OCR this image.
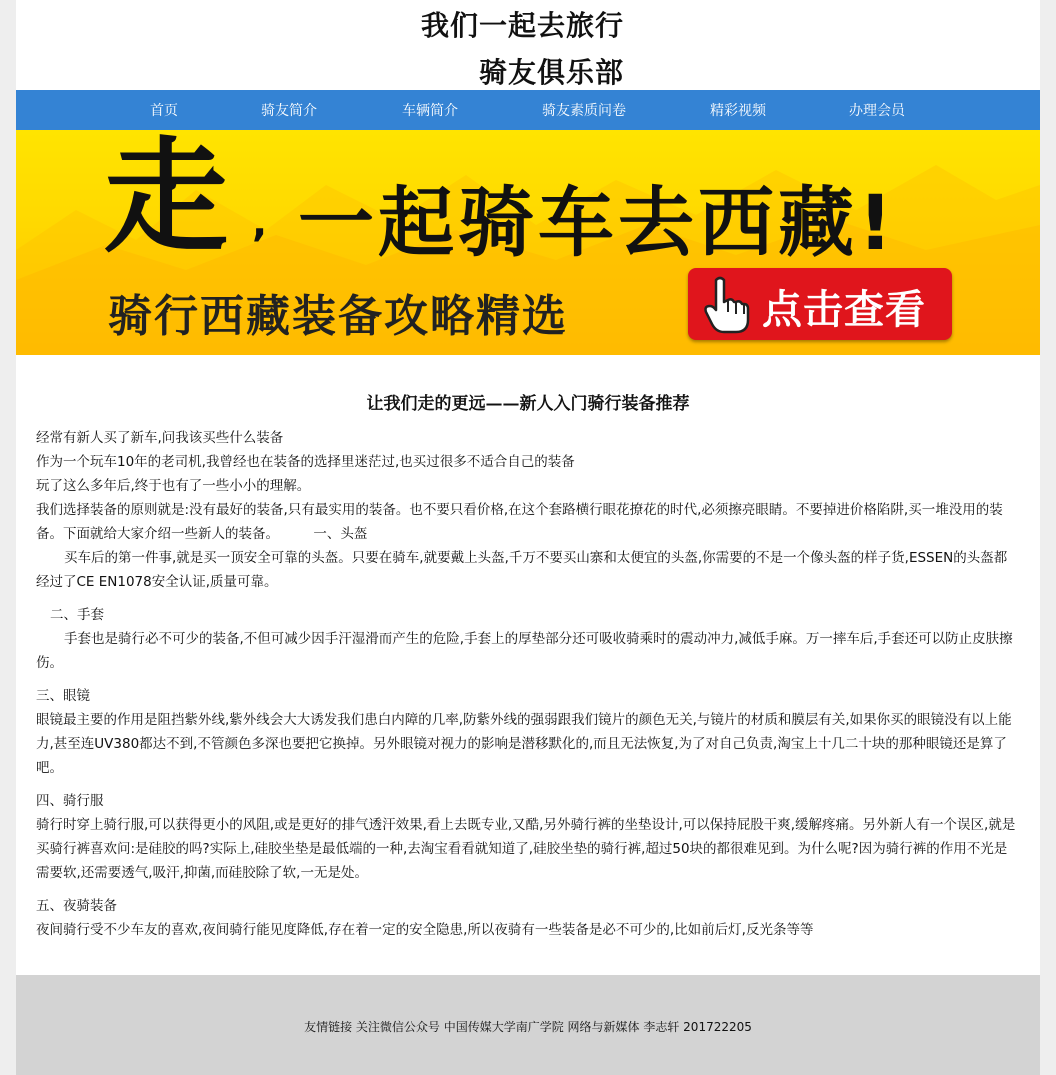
我们一起去旅行
骑友俱乐部
首页	骑友简介	车辆简介	骑友素质问卷	精彩视频	办理会员
走 , 一起骑车去西藏!
骑行西藏装备攻略精选	点击查看
让我们走的更远——新人入门骑行装备推荐

经常有新人买了新车,问我该买些什么装备

作为一个玩车10年的老司机,我曾经也在装备的选择里迷茫过,也买过很多不适合自己的装备

玩了这么多年后,终于也有了一些小小的理解。

我们选择装备的原则就是:没有最好的装备,只有最实用的装备。也不要只看价格,在这个套路横行眼花撩花的时代,必须擦亮眼睛。不要掉进价格陷阱,买一堆没用的装备。下面就给大家介绍一些新人的装备。        一、头盔

买车后的第一件事,就是买一顶安全可靠的头盔。只要在骑车,就要戴上头盔,千万不要买山寨和太便宜的头盔,你需要的不是一个像头盔的样子货,ESSEN的头盔都经过了CE EN1078安全认证,质量可靠。

二、手套

手套也是骑行必不可少的装备,不但可减少因手汗湿滑而产生的危险,手套上的厚垫部分还可吸收骑乘时的震动冲力,减低手麻。万一摔车后,手套还可以防止皮肤擦伤。

三、眼镜

眼镜最主要的作用是阻挡紫外线,紫外线会大大诱发我们患白内障的几率,防紫外线的强弱跟我们镜片的颜色无关,与镜片的材质和膜层有关,如果你买的眼镜没有以上能力,甚至连UV380都达不到,不管颜色多深也要把它换掉。另外眼镜对视力的影响是潜移默化的,而且无法恢复,为了对自己负责,淘宝上十几二十块的那种眼镜还是算了吧。

四、骑行服

骑行时穿上骑行服,可以获得更小的风阻,或是更好的排气透汗效果,看上去既专业,又酷,另外骑行裤的坐垫设计,可以保持屁股干爽,缓解疼痛。另外新人有一个误区,就是买骑行裤喜欢问:是硅胶的吗?实际上,硅胶坐垫是最低端的一种,去淘宝看看就知道了,硅胶坐垫的骑行裤,超过50块的都很难见到。为什么呢?因为骑行裤的作用不光是需要软,还需要透气,吸汗,抑菌,而硅胶除了软,一无是处。

五、夜骑装备

夜间骑行受不少车友的喜欢,夜间骑行能见度降低,存在着一定的安全隐患,所以夜骑有一些装备是必不可少的,比如前后灯,反光条等等

友情链接 关注微信公众号 中国传媒大学南广学院 网络与新媒体 李志轩 201722205
